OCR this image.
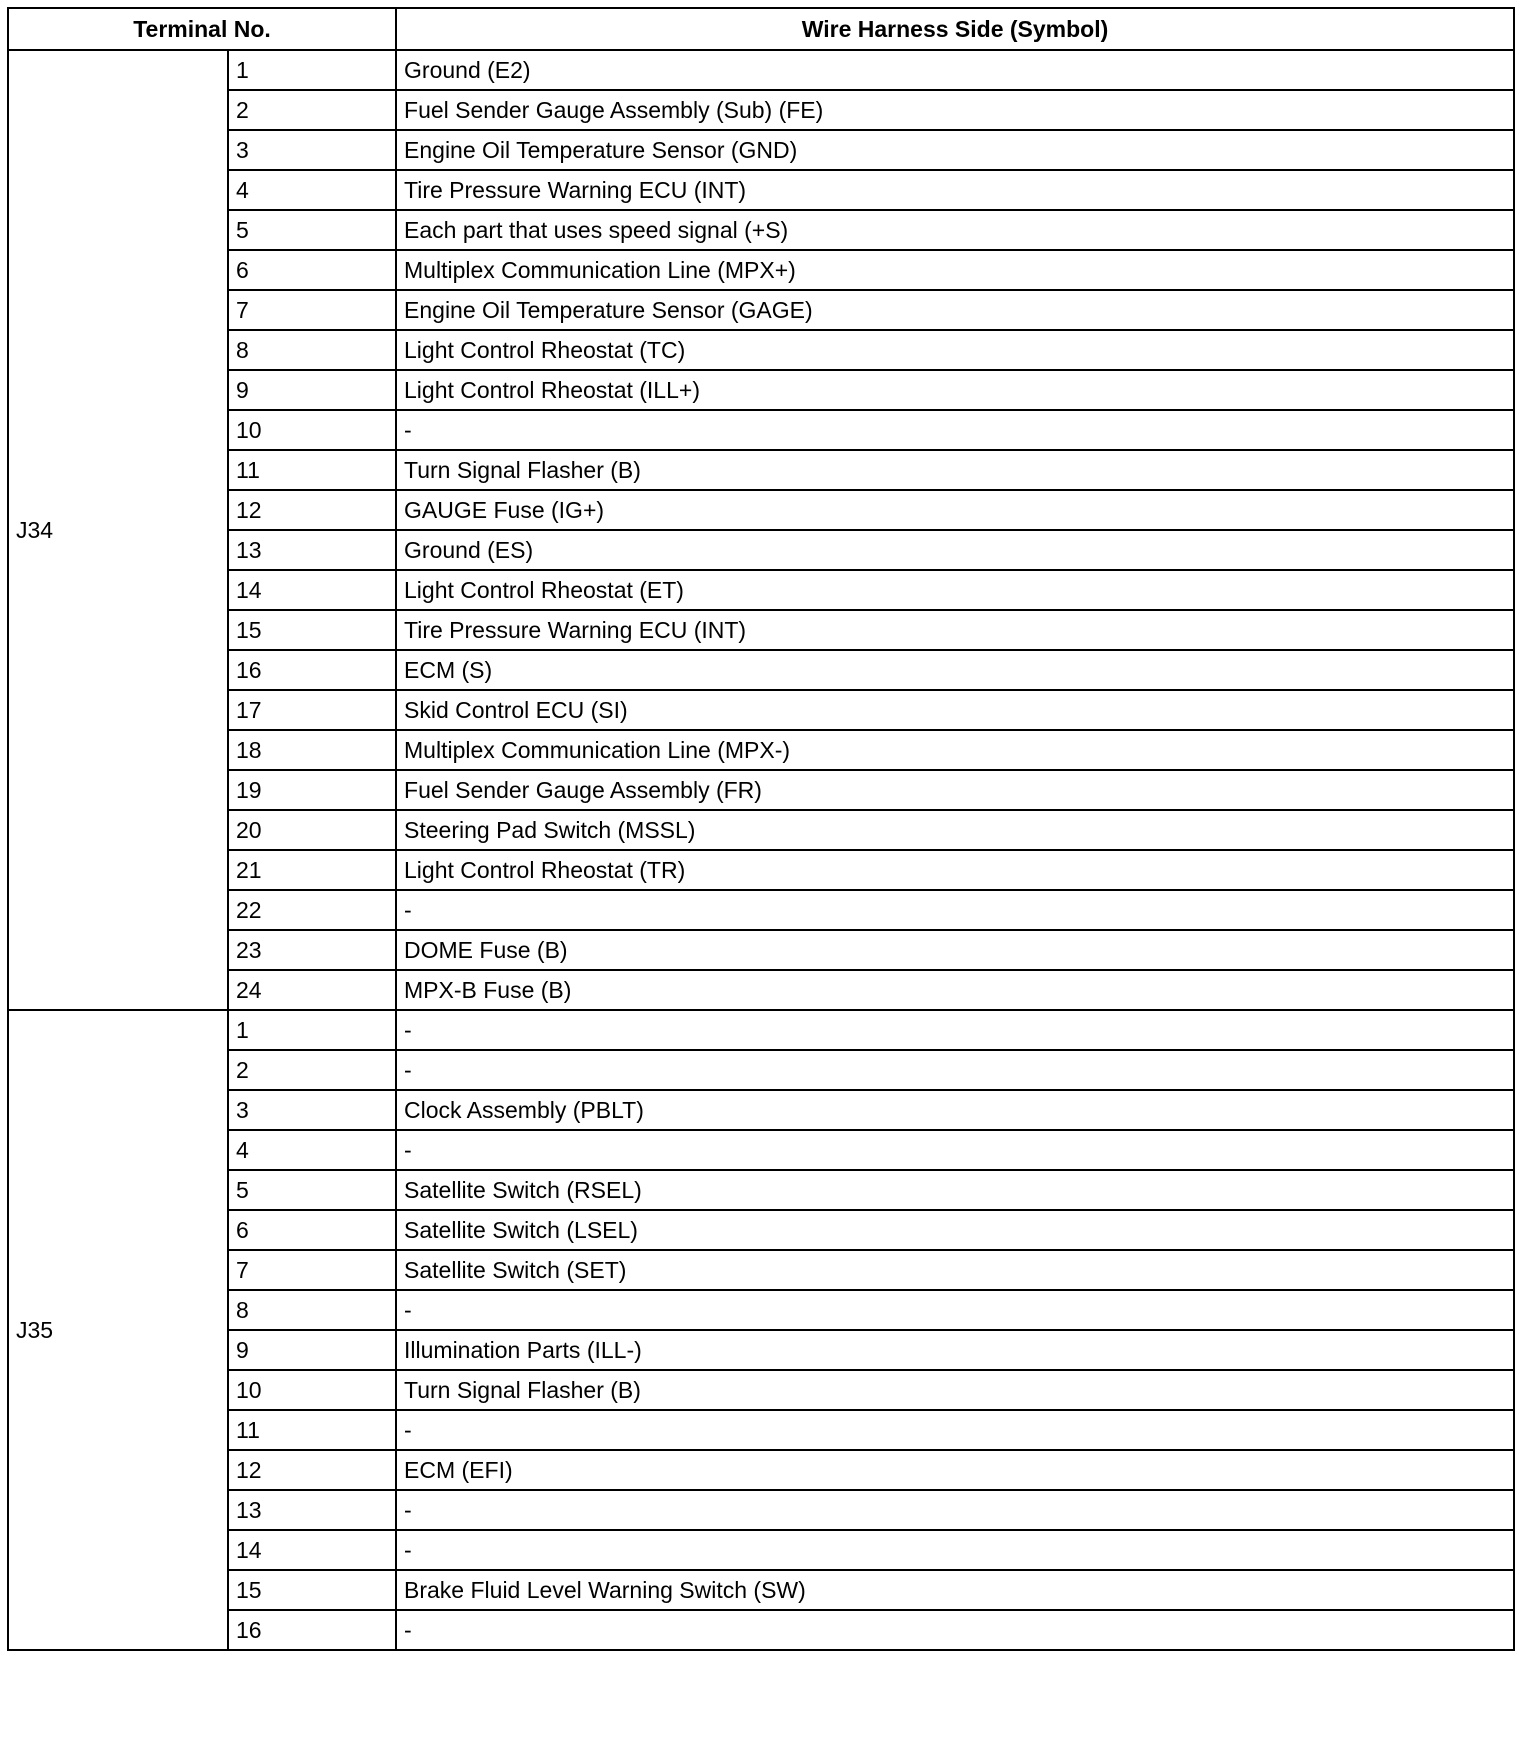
Terminal No.		Wire Harness Side (Symbol)
J34	1	Ground (E2)
	2	Fuel Sender Gauge Assembly (Sub) (FE)
	3	Engine Oil Temperature Sensor (GND)
	4	Tire Pressure Warning ECU (INT)
	5	Each part that uses speed signal (+S)
	6	Multiplex Communication Line (MPX+)
	7	Engine Oil Temperature Sensor (GAGE)
	8	Light Control Rheostat (TC)
	9	Light Control Rheostat (ILL+)
	10	-
	11	Turn Signal Flasher (B)
	12	GAUGE Fuse (IG+)
	13	Ground (ES)
	14	Light Control Rheostat (ET)
	15	Tire Pressure Warning ECU (INT)
	16	ECM (S)
	17	Skid Control ECU (SI)
	18	Multiplex Communication Line (MPX-)
	19	Fuel Sender Gauge Assembly (FR)
	20	Steering Pad Switch (MSSL)
	21	Light Control Rheostat (TR)
	22	-
	23	DOME Fuse (B)
	24	MPX-B Fuse (B)
J35	1	-
	2	-
	3	Clock Assembly (PBLT)
	4	-
	5	Satellite Switch (RSEL)
	6	Satellite Switch (LSEL)
	7	Satellite Switch (SET)
	8	-
	9	Illumination Parts (ILL-)
	10	Turn Signal Flasher (B)
	11	-
	12	ECM (EFI)
	13	-
	14	-
	15	Brake Fluid Level Warning Switch (SW)
	16	-
